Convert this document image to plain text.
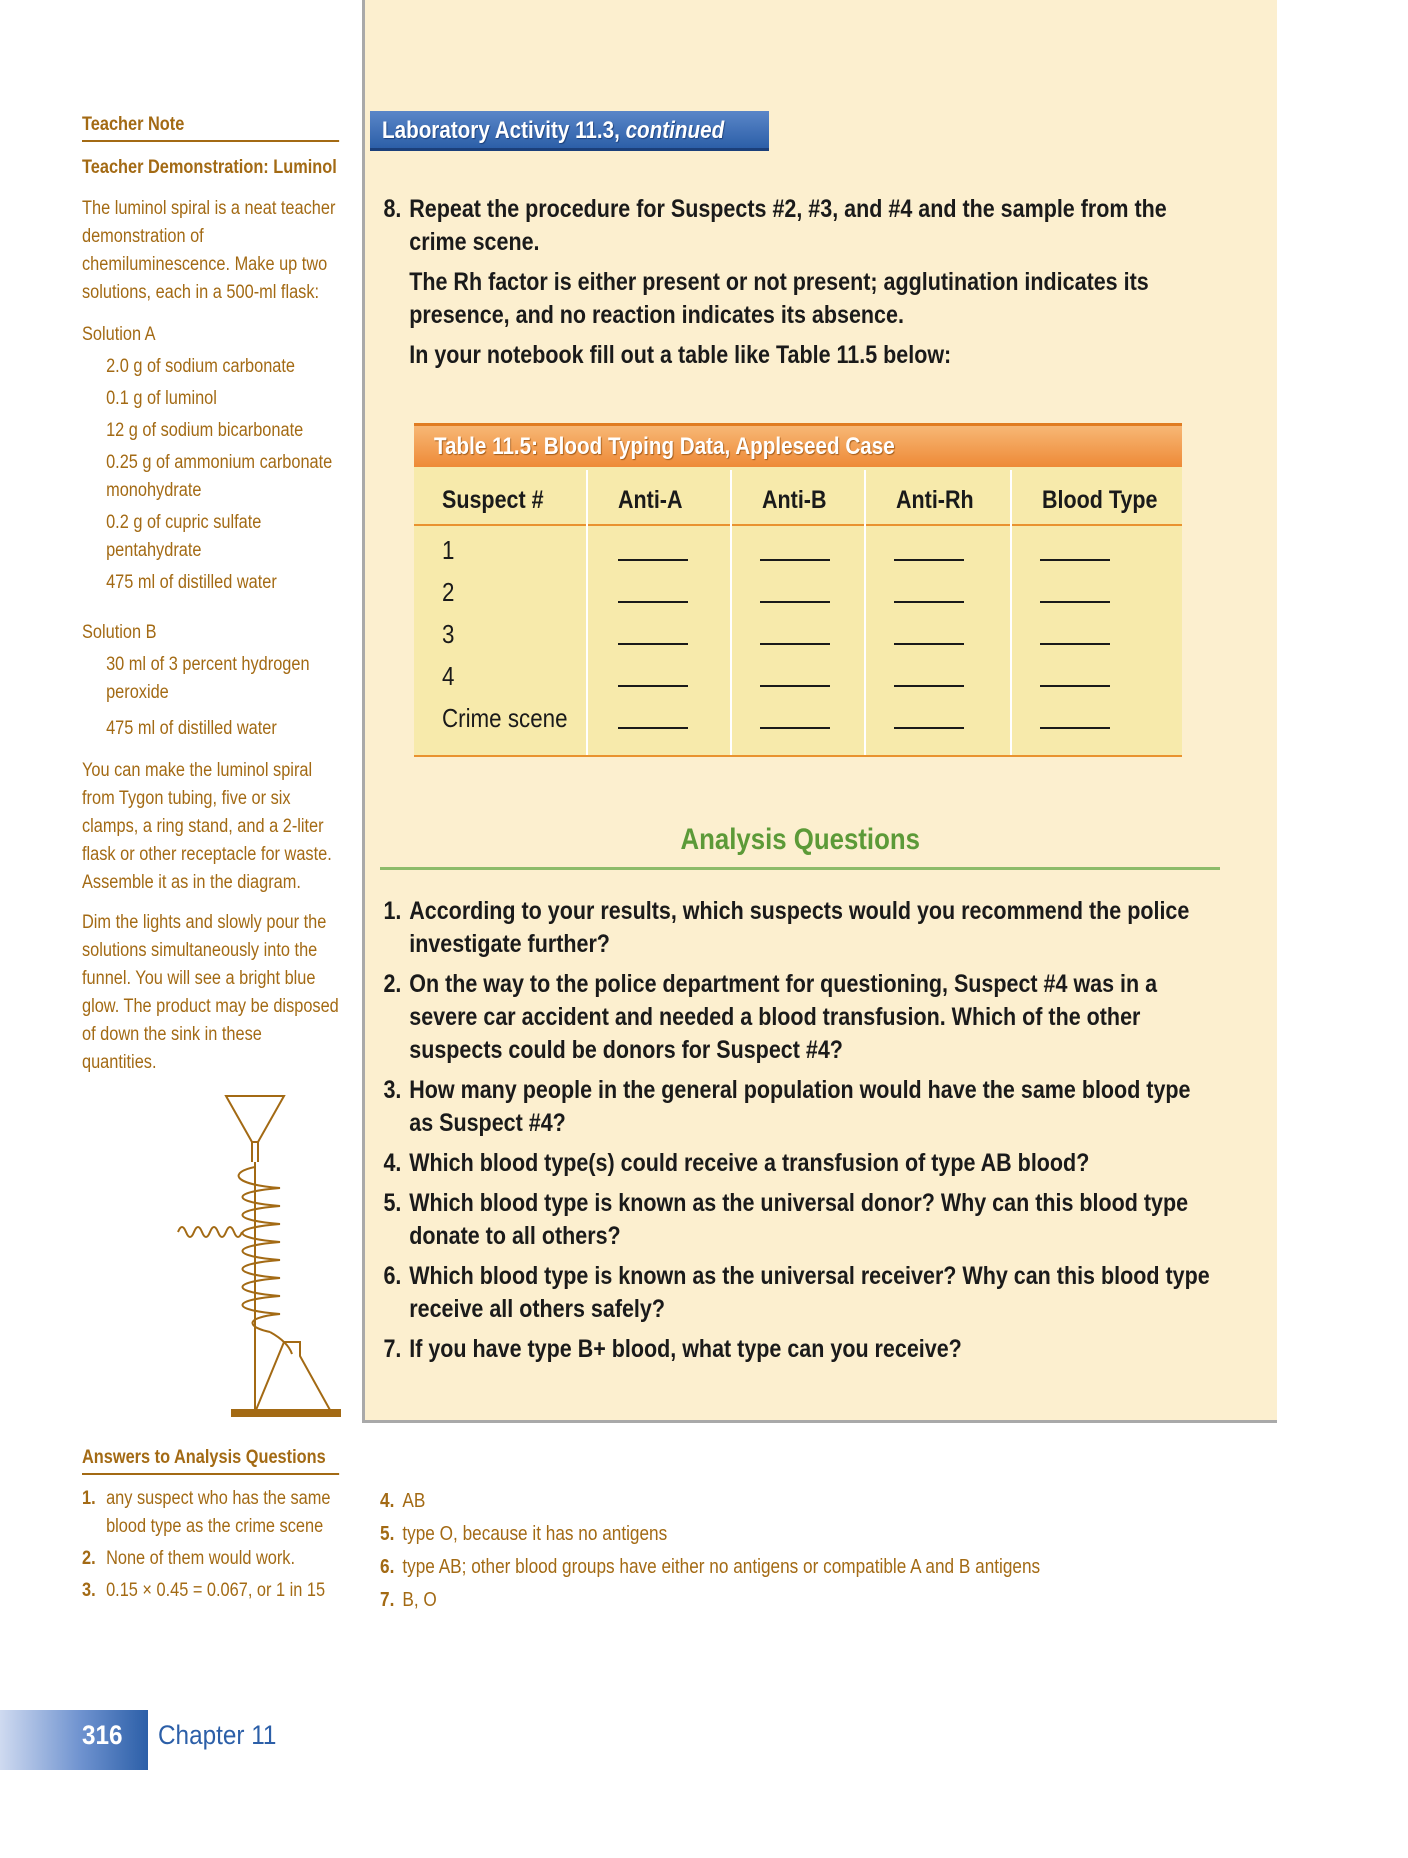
Teacher Note
Teacher Demonstration: Luminol
The luminol spiral is a neat teacher demonstration of chemiluminescence. Make up two solutions, each in a 500-ml flask:
Solution A
2.0 g of sodium carbonate
0.1 g of luminol
12 g of sodium bicarbonate
0.25 g of ammonium carbonate monohydrate
0.2 g of cupric sulfate pentahydrate
475 ml of distilled water
Solution B
30 ml of 3 percent hydrogen peroxide
475 ml of distilled water
You can make the luminol spiral from Tygon tubing, five or six clamps, a ring stand, and a 2-liter flask or other receptacle for waste. Assemble it as in the diagram.
Dim the lights and slowly pour the solutions simultaneously into the funnel. You will see a bright blue glow. The product may be disposed of down the sink in these quantities.
Answers to Analysis Questions
1. any suspect who has the same blood type as the crime scene
2. None of them would work.
3. 0.15 × 0.45 = 0.067, or 1 in 15
Laboratory Activity 11.3, continued
8. Repeat the procedure for Suspects #2, #3, and #4 and the sample from the crime scene.
The Rh factor is either present or not present; agglutination indicates its presence, and no reaction indicates its absence.
In your notebook fill out a table like Table 11.5 below:
Table 11.5: Blood Typing Data, Appleseed Case
Suspect #	Anti-A	Anti-B	Anti-Rh	Blood Type
1
2
3
4
Crime scene
Analysis Questions
1. According to your results, which suspects would you recommend the police investigate further?
2. On the way to the police department for questioning, Suspect #4 was in a severe car accident and needed a blood transfusion. Which of the other suspects could be donors for Suspect #4?
3. How many people in the general population would have the same blood type as Suspect #4?
4. Which blood type(s) could receive a transfusion of type AB blood?
5. Which blood type is known as the universal donor? Why can this blood type donate to all others?
6. Which blood type is known as the universal receiver? Why can this blood type receive all others safely?
7. If you have type B+ blood, what type can you receive?
4. AB
5. type O, because it has no antigens
6. type AB; other blood groups have either no antigens or compatible A and B antigens
7. B, O
316 Chapter 11
